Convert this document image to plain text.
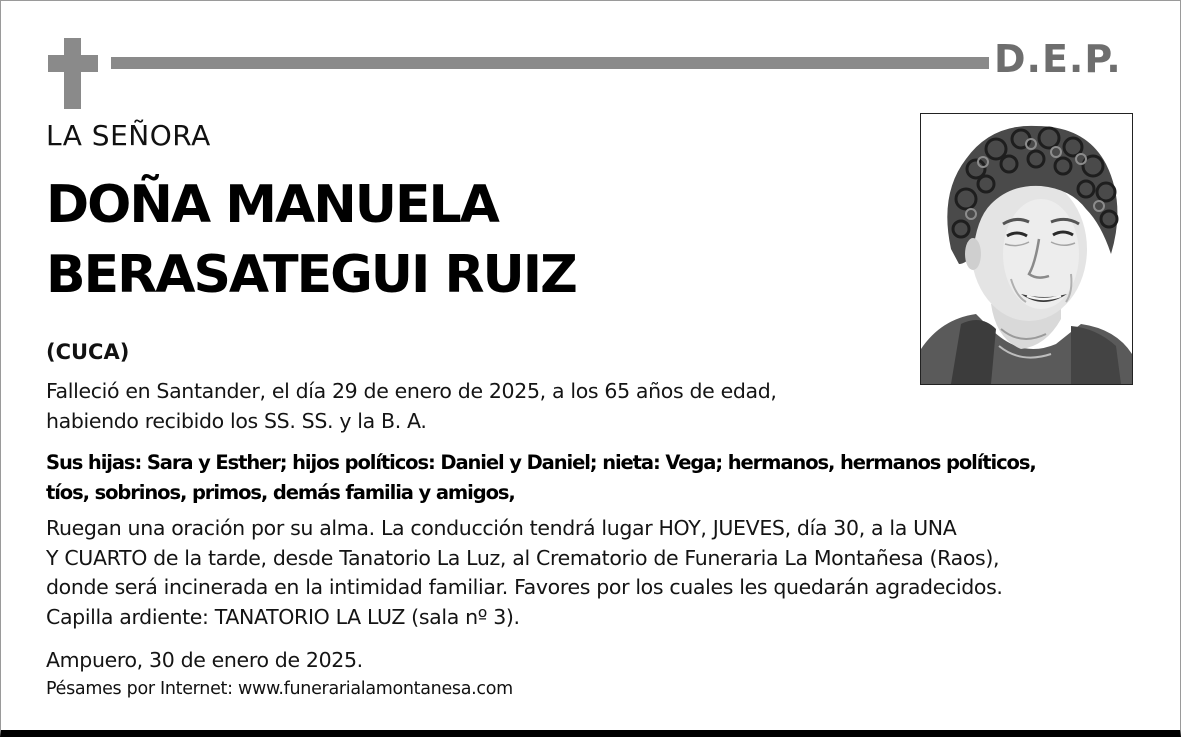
D.E.P.
LA SEÑORA
DOÑA MANUELA
BERASATEGUI RUIZ
(CUCA)
Falleció en Santander, el día 29 de enero de 2025, a los 65 años de edad,
habiendo recibido los SS. SS. y la B. A.
Sus hijas: Sara y Esther; hijos políticos: Daniel y Daniel; nieta: Vega; hermanos, hermanos políticos,
tíos, sobrinos, primos, demás familia y amigos,
Ruegan una oración por su alma. La conducción tendrá lugar HOY, JUEVES, día 30, a la UNA
Y CUARTO de la tarde, desde Tanatorio La Luz, al Crematorio de Funeraria La Montañesa (Raos),
donde será incinerada en la intimidad familiar. Favores por los cuales les quedarán agradecidos.
Capilla ardiente: TANATORIO LA LUZ (sala nº 3).
Ampuero, 30 de enero de 2025.
Pésames por Internet: www.funerarialamontanesa.com
